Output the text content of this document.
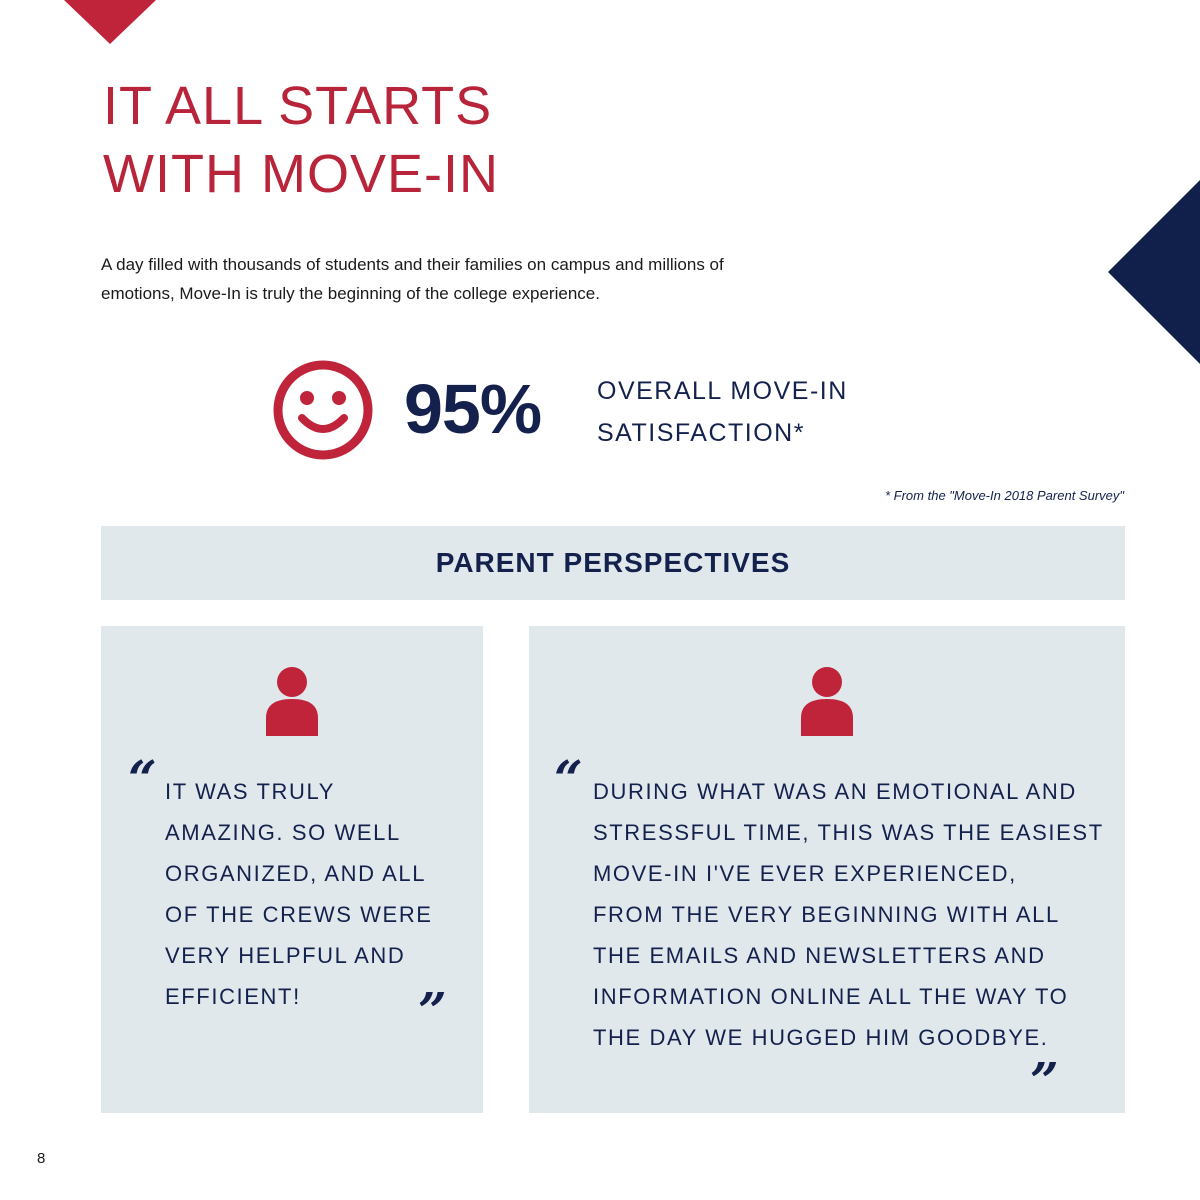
IT ALL STARTS
WITH MOVE-IN

A day filled with thousands of students and their families on campus and millions of
emotions, Move-In is truly the beginning of the college experience.

95% OVERALL MOVE-IN
SATISFACTION*
* From the "Move-In 2018 Parent Survey"
PARENT PERSPECTIVES
“ IT WAS TRULY
AMAZING. SO WELL
ORGANIZED, AND ALL
OF THE CREWS WERE
VERY HELPFUL AND
EFFICIENT!	”
“ DURING WHAT WAS AN EMOTIONAL AND
STRESSFUL TIME, THIS WAS THE EASIEST
MOVE-IN I'VE EVER EXPERIENCED,
FROM THE VERY BEGINNING WITH ALL
THE EMAILS AND NEWSLETTERS AND
INFORMATION ONLINE ALL THE WAY TO
THE DAY WE HUGGED HIM GOODBYE.

”
8
